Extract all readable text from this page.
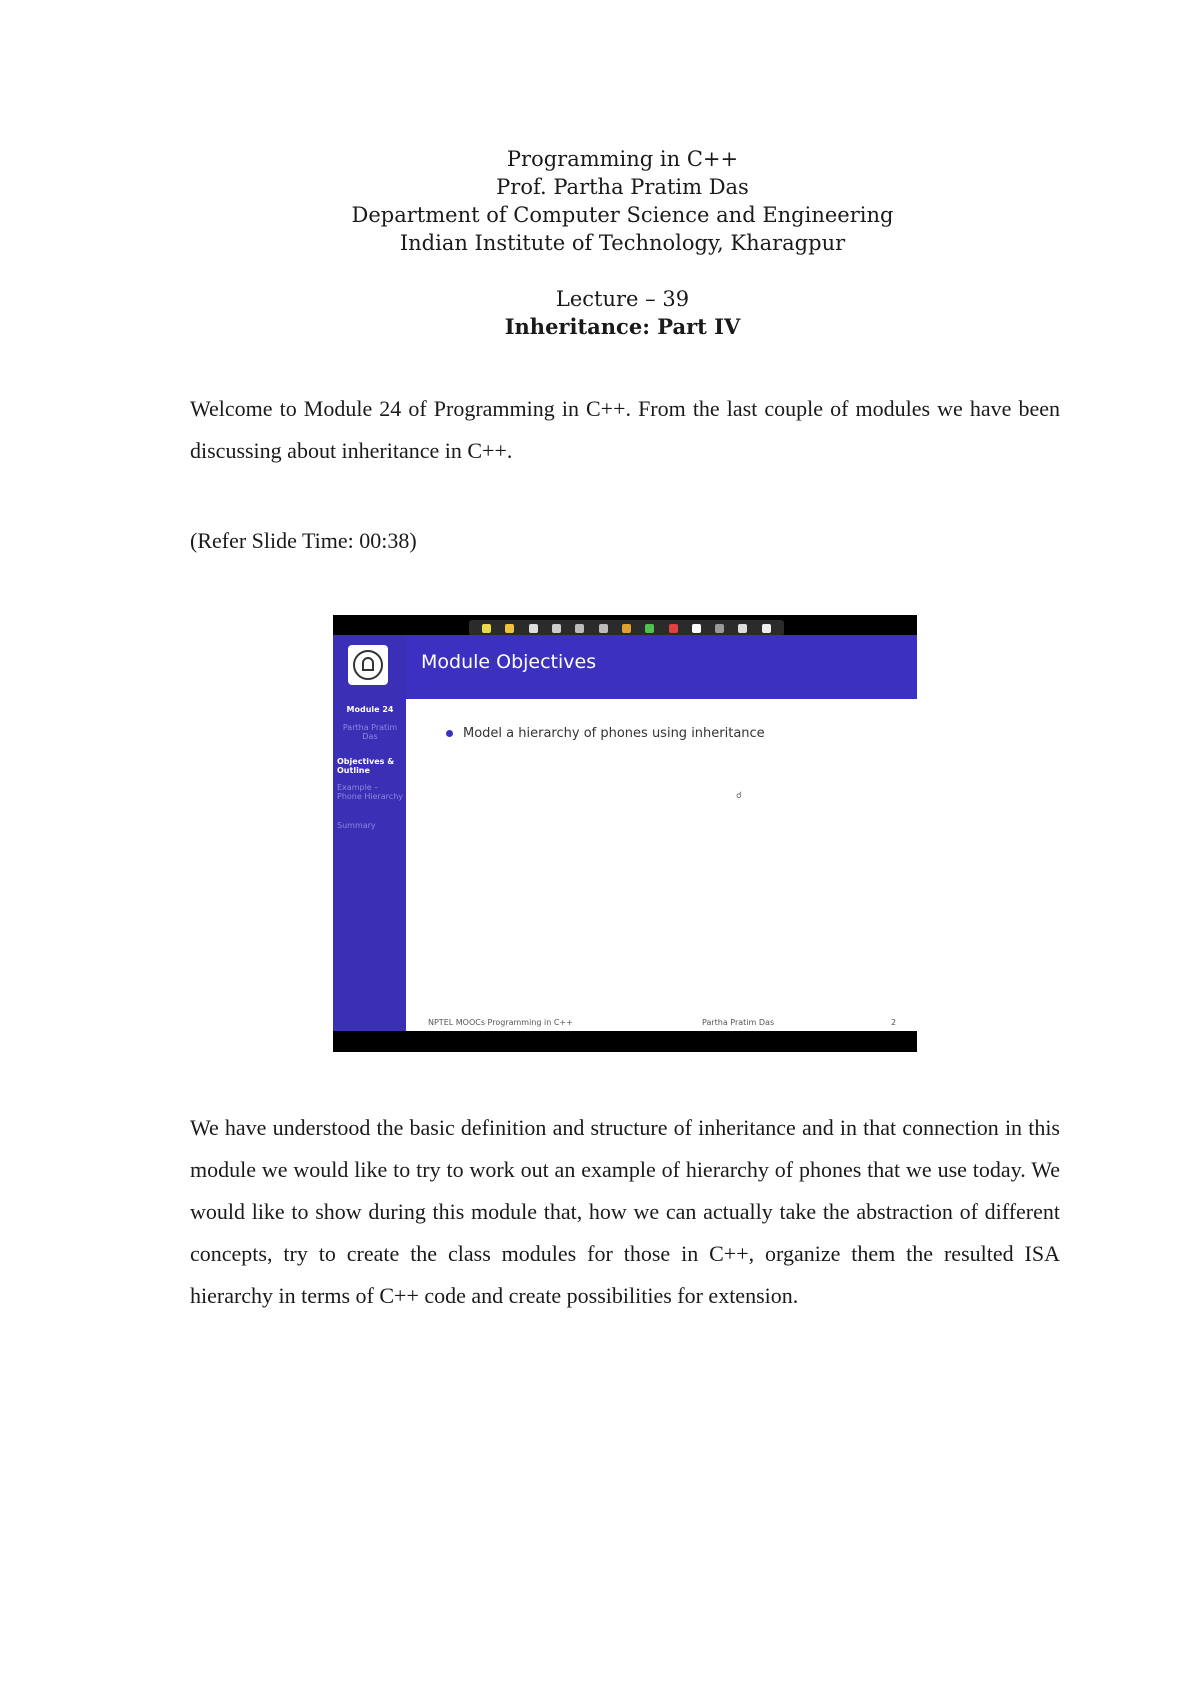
Programming in C++
Prof. Partha Pratim Das
Department of Computer Science and Engineering
Indian Institute of Technology, Kharagpur
Lecture – 39
Inheritance: Part IV

Welcome to Module 24 of Programming in C++. From the last couple of modules we have been discussing about inheritance in C++.

(Refer Slide Time: 00:38)

Module 24
Partha Pratim Das
Objectives & Outline
Example – Phone Hierarchy
Summary
Module Objectives
Model a hierarchy of phones using inheritance
☌
NPTEL MOOCs Programming in C++	Partha Pratim Das	2

We have understood the basic definition and structure of inheritance and in that connection in this module we would like to try to work out an example of hierarchy of phones that we use today. We would like to show during this module that, how we can actually take the abstraction of different concepts, try to create the class modules for those in C++, organize them the resulted ISA hierarchy in terms of C++ code and create possibilities for extension.
